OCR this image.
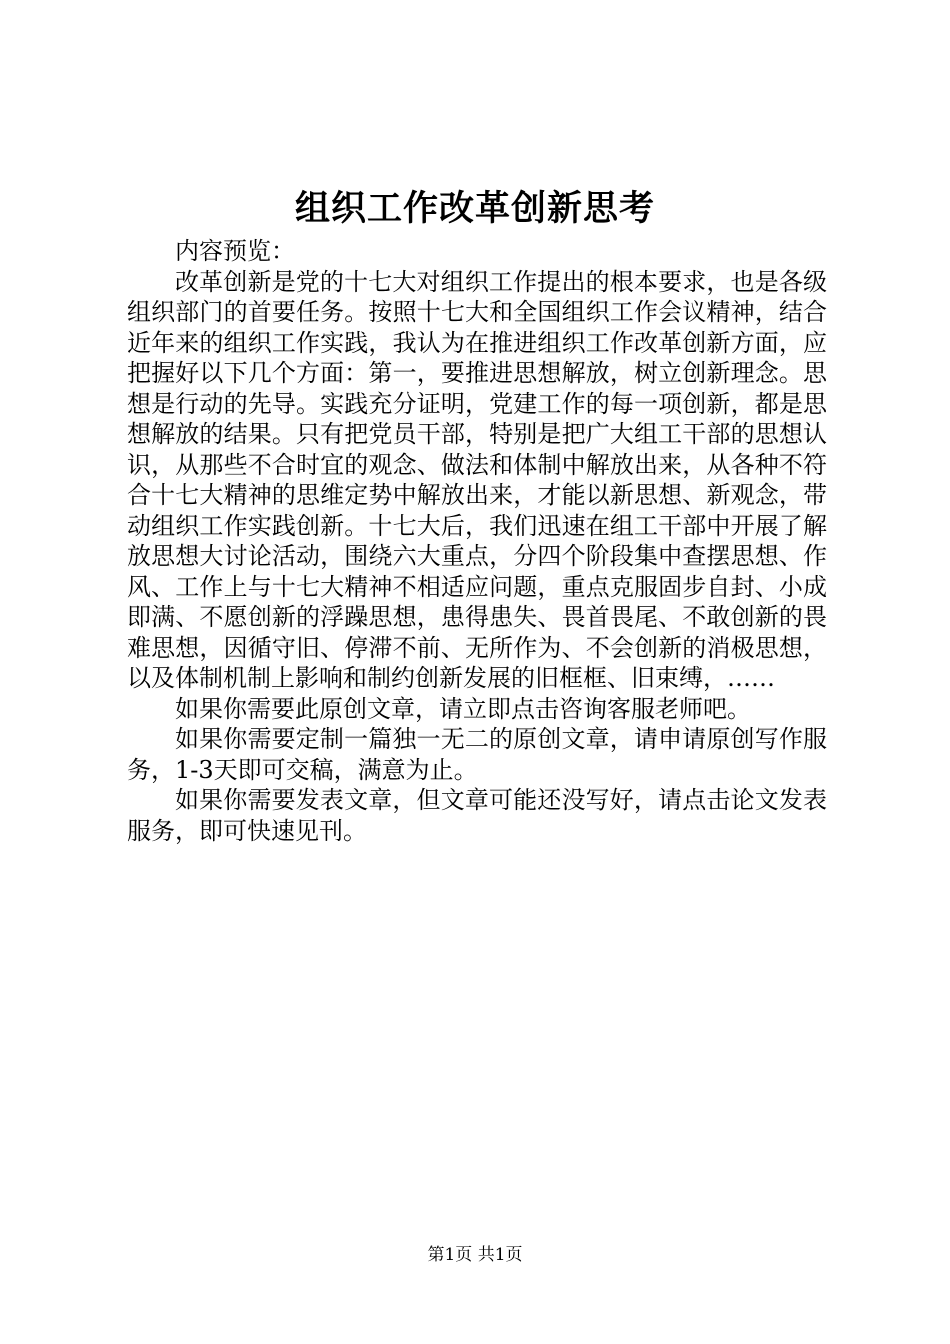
组织工作改革创新思考

内容预览：

改革创新是党的十七大对组织工作提出的根本要求，也是各级组织部门的首要任务。按照十七大和全国组织工作会议精神，结合近年来的组织工作实践，我认为在推进组织工作改革创新方面，应把握好以下几个方面：第一，要推进思想解放，树立创新理念。思想是行动的先导。实践充分证明，党建工作的每一项创新，都是思想解放的结果。只有把党员干部，特别是把广大组工干部的思想认识，从那些不合时宜的观念、做法和体制中解放出来，从各种不符合十七大精神的思维定势中解放出来，才能以新思想、新观念，带动组织工作实践创新。十七大后，我们迅速在组工干部中开展了解放思想大讨论活动，围绕六大重点，分四个阶段集中查摆思想、作风、工作上与十七大精神不相适应问题，重点克服固步自封、小成即满、不愿创新的浮躁思想，患得患失、畏首畏尾、不敢创新的畏难思想，因循守旧、停滞不前、无所作为、不会创新的消极思想，以及体制机制上影响和制约创新发展的旧框框、旧束缚，……

如果你需要此原创文章，请立即点击咨询客服老师吧。

如果你需要定制一篇独一无二的原创文章，请申请原创写作服务，1-3天即可交稿，满意为止。

如果你需要发表文章，但文章可能还没写好，请点击论文发表服务，即可快速见刊。

第1页 共1页
